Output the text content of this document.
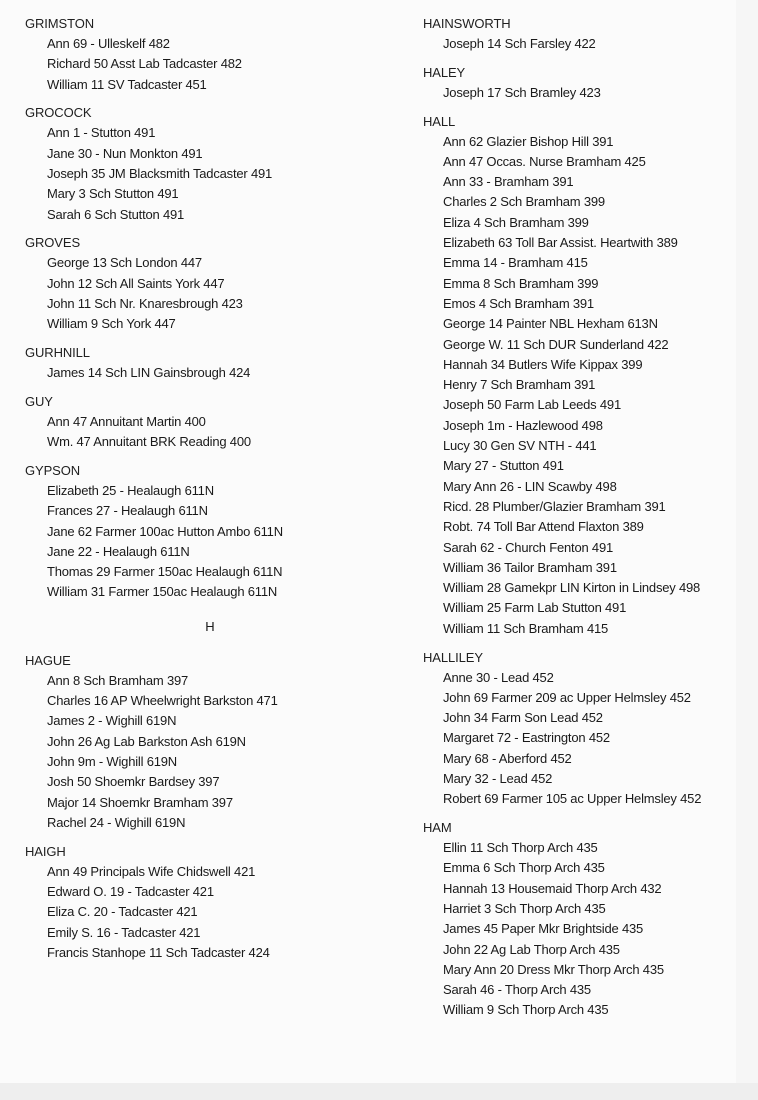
GRIMSTON
Ann 69 - Ulleskelf 482
Richard 50 Asst Lab Tadcaster 482
William 11 SV Tadcaster 451
GROCOCK
Ann 1 - Stutton 491
Jane 30 - Nun Monkton 491
Joseph 35 JM Blacksmith Tadcaster 491
Mary 3 Sch Stutton 491
Sarah 6 Sch Stutton 491
GROVES
George 13 Sch London 447
John 12 Sch All Saints York 447
John 11 Sch Nr. Knaresbrough 423
William 9 Sch York 447
GURHNILL
James 14 Sch LIN Gainsbrough 424
GUY
Ann 47 Annuitant Martin 400
Wm. 47 Annuitant BRK Reading 400
GYPSON
Elizabeth 25 - Healaugh 611N
Frances 27 - Healaugh 611N
Jane 62 Farmer 100ac Hutton Ambo 611N
Jane 22 - Healaugh 611N
Thomas 29 Farmer 150ac Healaugh 611N
William 31 Farmer 150ac Healaugh 611N
H
HAGUE
Ann 8 Sch Bramham 397
Charles 16 AP Wheelwright Barkston 471
James 2 - Wighill 619N
John 26 Ag Lab Barkston Ash 619N
John 9m - Wighill 619N
Josh 50 Shoemkr Bardsey 397
Major 14 Shoemkr Bramham 397
Rachel 24 - Wighill 619N
HAIGH
Ann 49 Principals Wife Chidswell 421
Edward O. 19 - Tadcaster 421
Eliza C. 20 - Tadcaster 421
Emily S. 16 - Tadcaster 421
Francis Stanhope 11 Sch Tadcaster 424
HAINSWORTH
Joseph 14 Sch Farsley 422
HALEY
Joseph 17 Sch Bramley 423
HALL
Ann 62 Glazier Bishop Hill 391
Ann 47 Occas. Nurse Bramham 425
Ann 33 - Bramham 391
Charles 2 Sch Bramham 399
Eliza 4 Sch Bramham 399
Elizabeth 63 Toll Bar Assist. Heartwith 389
Emma 14 - Bramham 415
Emma 8 Sch Bramham 399
Emos 4 Sch Bramham 391
George 14 Painter NBL Hexham 613N
George W. 11 Sch DUR Sunderland 422
Hannah 34 Butlers Wife Kippax 399
Henry 7 Sch Bramham 391
Joseph 50 Farm Lab Leeds 491
Joseph 1m - Hazlewood 498
Lucy 30 Gen SV NTH - 441
Mary 27 - Stutton 491
Mary Ann 26 - LIN Scawby 498
Ricd. 28 Plumber/Glazier Bramham 391
Robt. 74 Toll Bar Attend Flaxton 389
Sarah 62 - Church Fenton 491
William 36 Tailor Bramham 391
William 28 Gamekpr LIN Kirton in Lindsey 498
William 25 Farm Lab Stutton 491
William 11 Sch Bramham 415
HALLILEY
Anne 30 - Lead 452
John 69 Farmer 209 ac Upper Helmsley 452
John 34 Farm Son Lead 452
Margaret 72 - Eastrington 452
Mary 68 - Aberford 452
Mary 32 - Lead 452
Robert 69 Farmer 105 ac Upper Helmsley 452
HAM
Ellin 11 Sch Thorp Arch 435
Emma 6 Sch Thorp Arch 435
Hannah 13 Housemaid Thorp Arch 432
Harriet 3 Sch Thorp Arch 435
James 45 Paper Mkr Brightside 435
John 22 Ag Lab Thorp Arch 435
Mary Ann 20 Dress Mkr Thorp Arch 435
Sarah 46 - Thorp Arch 435
William 9 Sch Thorp Arch 435
